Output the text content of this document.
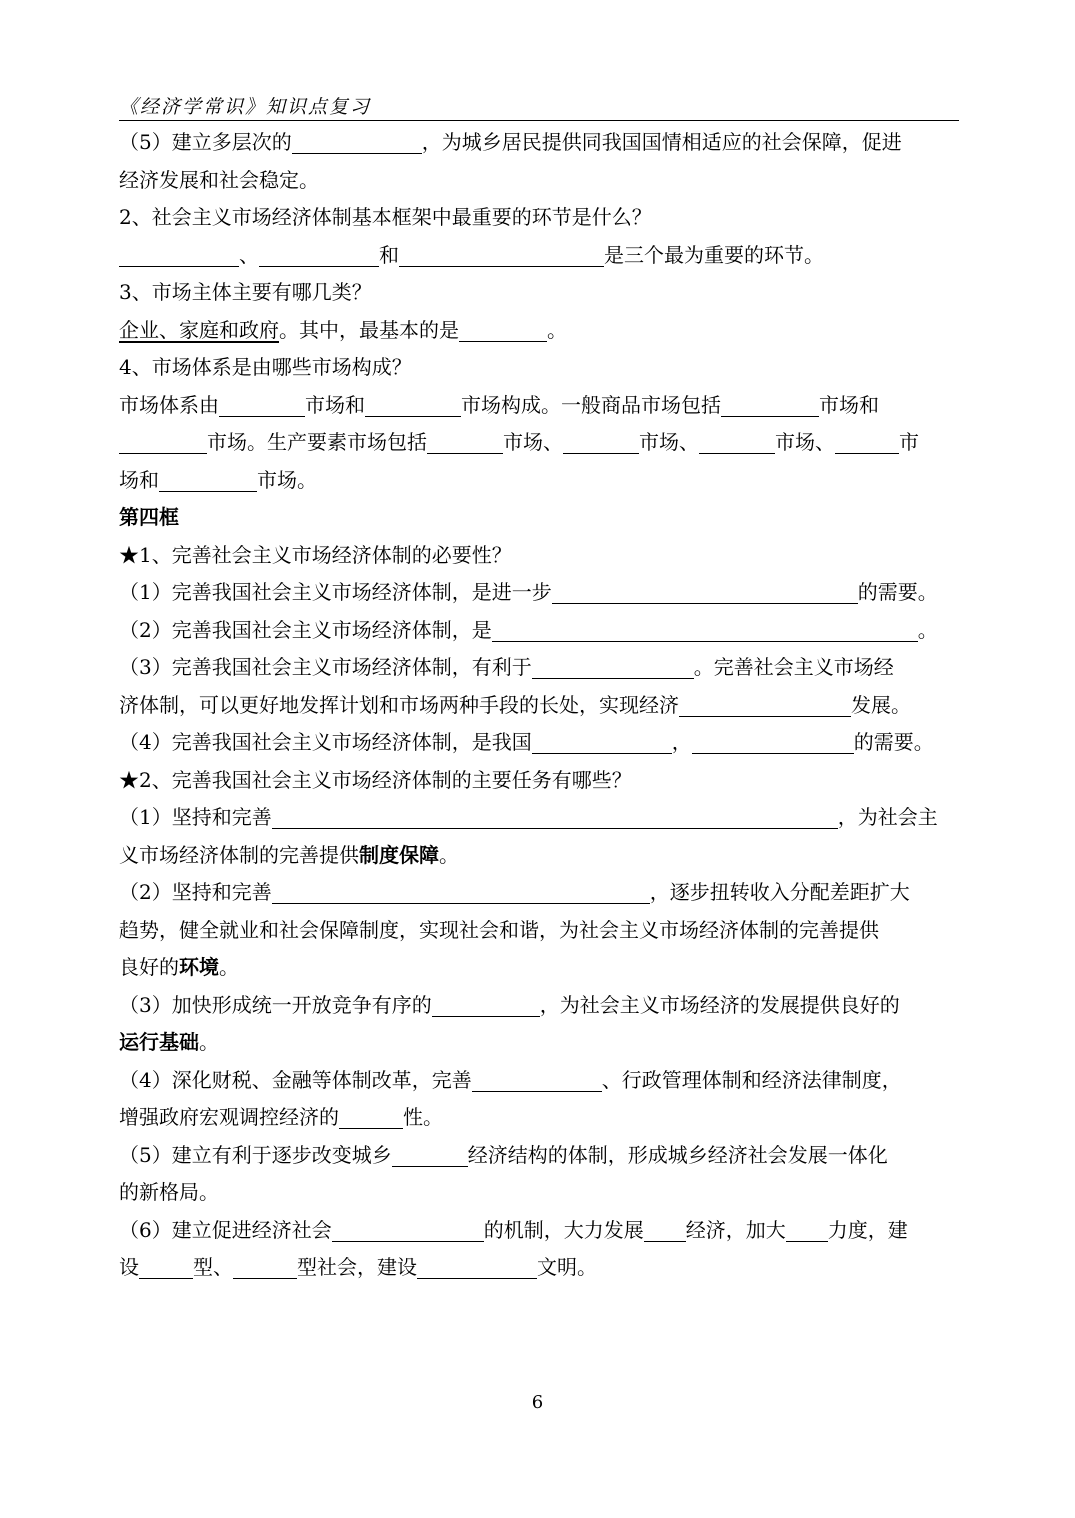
《经济学常识》知识点复习
（5）建立多层次的	，为城乡居民提供同我国国情相适应的社会保障，促进
经济发展和社会稳定。
2、社会主义市场经济体制基本框架中最重要的环节是什么？
、	和	是三个最为重要的环节。
3、市场主体主要有哪几类？
企业、家庭和政府。其中，最基本的是	。
4、市场体系是由哪些市场构成？
市场体系由	市场和	市场构成。一般商品市场包括	市场和
市场。生产要素市场包括	市场、	市场、	市场、	市
场和	市场。
第四框
★1、完善社会主义市场经济体制的必要性？
（1）完善我国社会主义市场经济体制，是进一步	的需要。
（2）完善我国社会主义市场经济体制，是	。
（3）完善我国社会主义市场经济体制，有利于	。完善社会主义市场经
济体制，可以更好地发挥计划和市场两种手段的长处，实现经济	发展。
（4）完善我国社会主义市场经济体制，是我国	，	的需要。
★2、完善我国社会主义市场经济体制的主要任务有哪些？
（1）坚持和完善	，为社会主
义市场经济体制的完善提供制度保障。
（2）坚持和完善	，逐步扭转收入分配差距扩大
趋势，健全就业和社会保障制度，实现社会和谐，为社会主义市场经济体制的完善提供
良好的环境。
（3）加快形成统一开放竞争有序的	，为社会主义市场经济的发展提供良好的
运行基础。
（4）深化财税、金融等体制改革，完善	、行政管理体制和经济法律制度，
增强政府宏观调控经济的	性。
（5）建立有利于逐步改变城乡	经济结构的体制，形成城乡经济社会发展一体化
的新格局。
（6）建立促进经济社会	的机制，大力发展 经济，加大 力度，建
设	型、	型社会，建设	文明。
6
